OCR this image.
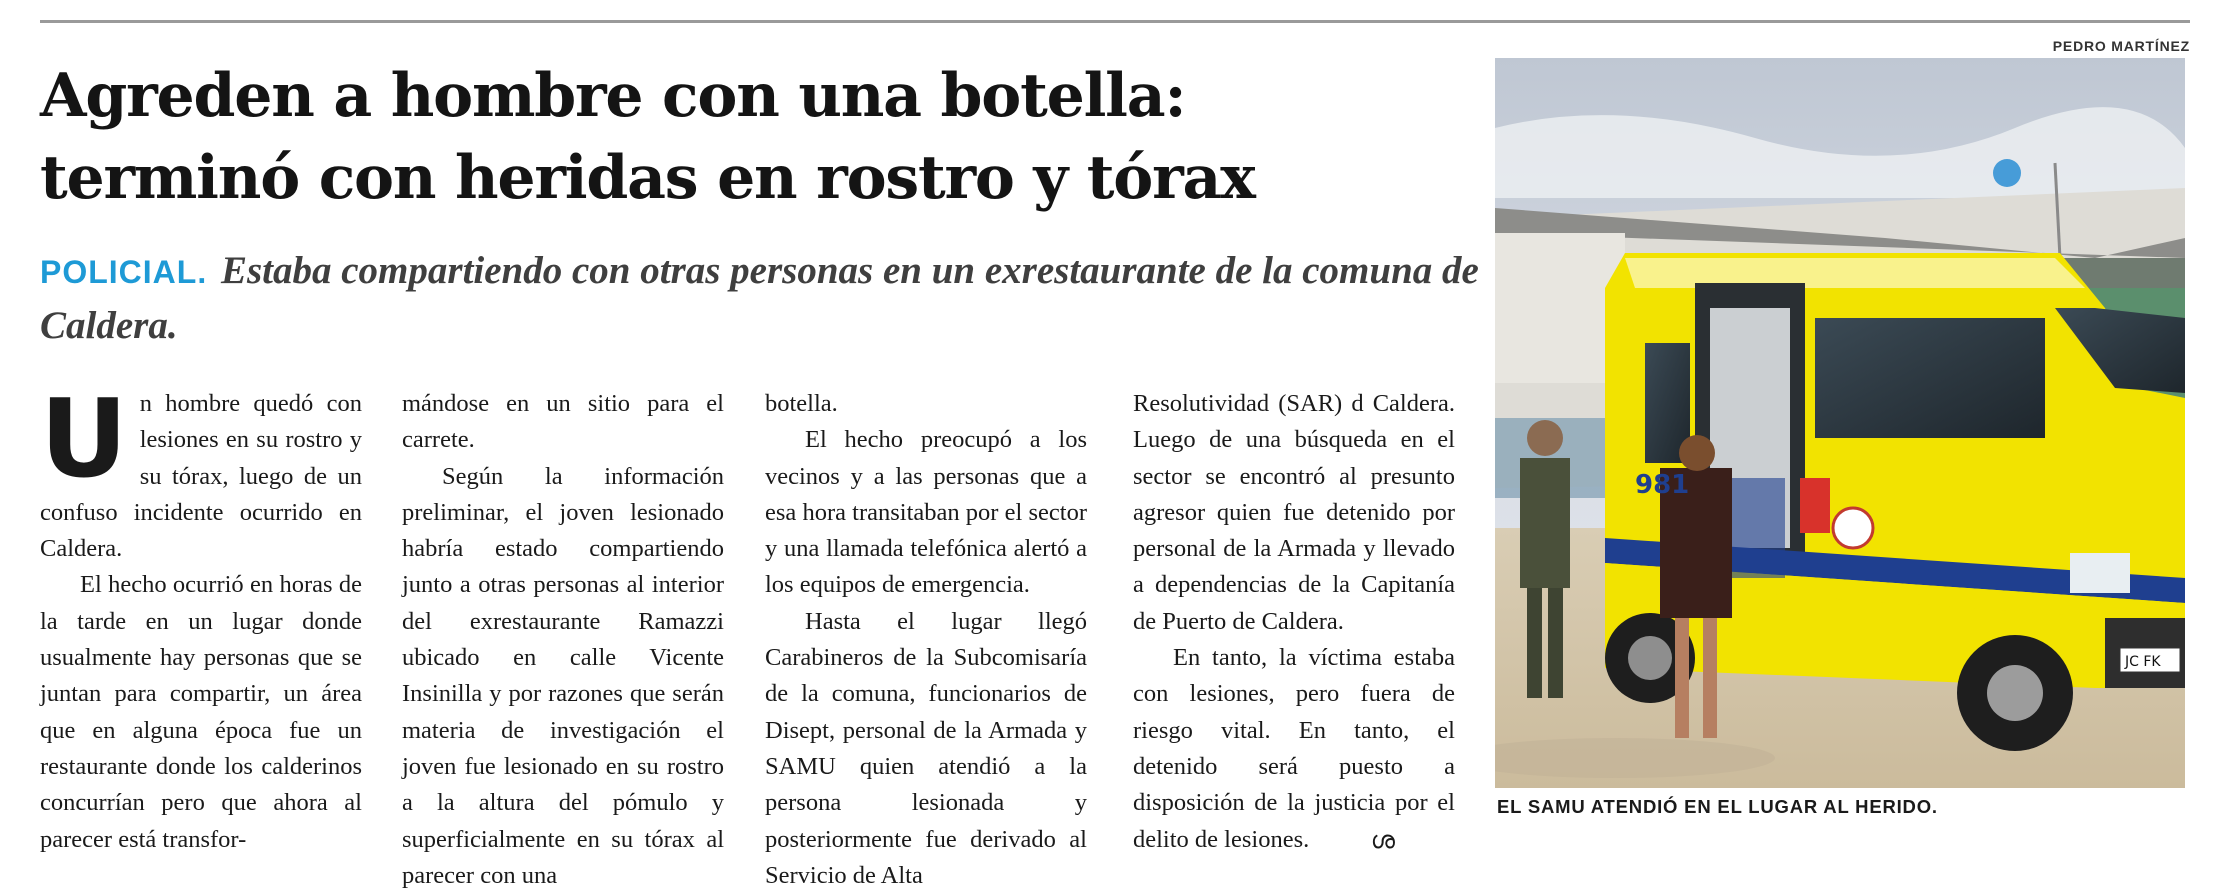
Agreden a hombre con una botella:
terminó con heridas en rostro y tórax

POLICIAL. Estaba compartiendo con otras personas en un exrestaurante de la comuna de Caldera.

Un hombre quedó con lesiones en su rostro y su tórax, luego de un confuso incidente ocurrido en Caldera.

El hecho ocurrió en horas de la tarde en un lugar donde usualmente hay personas que se juntan para compartir, un área que en alguna época fue un restaurante donde los calderinos concurrían pero que ahora al parecer está transfor-

mándose en un sitio para el carrete.

Según la información preliminar, el joven lesionado habría estado compartiendo junto a otras personas al interior del exrestaurante Ramazzi ubicado en calle Vicente Insinilla y por razones que serán materia de investigación el joven fue lesionado en su rostro a la altura del pómulo y superficialmente en su tórax al parecer con una

botella.

El hecho preocupó a los vecinos y a las personas que a esa hora transitaban por el sector y una llamada telefónica alertó a los equipos de emergencia.

Hasta el lugar llegó Carabineros de la Subcomisaría de la comuna, funcionarios de Disept, personal de la Armada y SAMU quien atendió a la persona lesionada y posteriormente fue derivado al Servicio de Alta

Resolutividad (SAR) d Caldera. Luego de una búsqueda en el sector se encontró al presunto agresor quien fue detenido por personal de la Armada y llevado a dependencias de la Capitanía de Puerto de Caldera.

En tanto, la víctima estaba con lesiones, pero fuera de riesgo vital. En tanto, el detenido será puesto a disposición de la justicia por el delito de lesiones.	ശ

PEDRO MARTÍNEZ
981
JC FK
EL SAMU ATENDIÓ EN EL LUGAR AL HERIDO.
